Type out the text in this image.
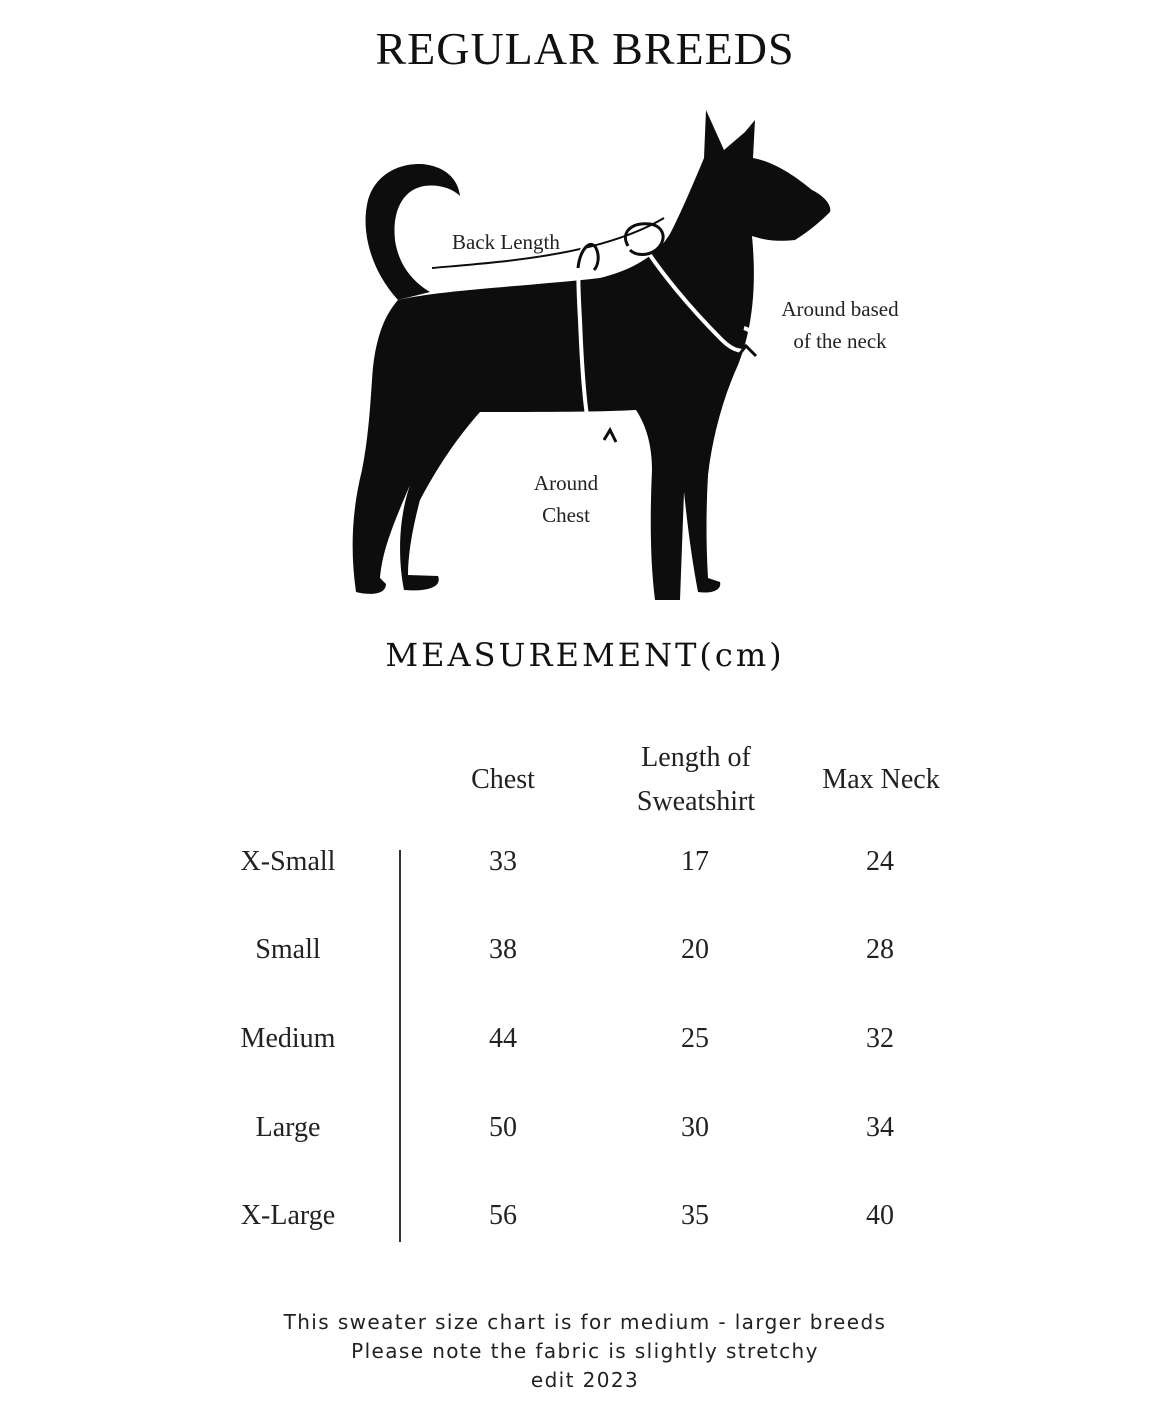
REGULAR BREEDS
Back Length
Around based
of the neck
Around
Chest
MEASUREMENT(cm)
Chest
Length of
Sweatshirt
Max Neck
X-Small	33	17	24
Small	38	20	28
Medium	44	25	32
Large	50	30	34
X-Large	56	35	40
This sweater size chart is for medium - larger breeds
Please note the fabric is slightly stretchy
edit 2023
